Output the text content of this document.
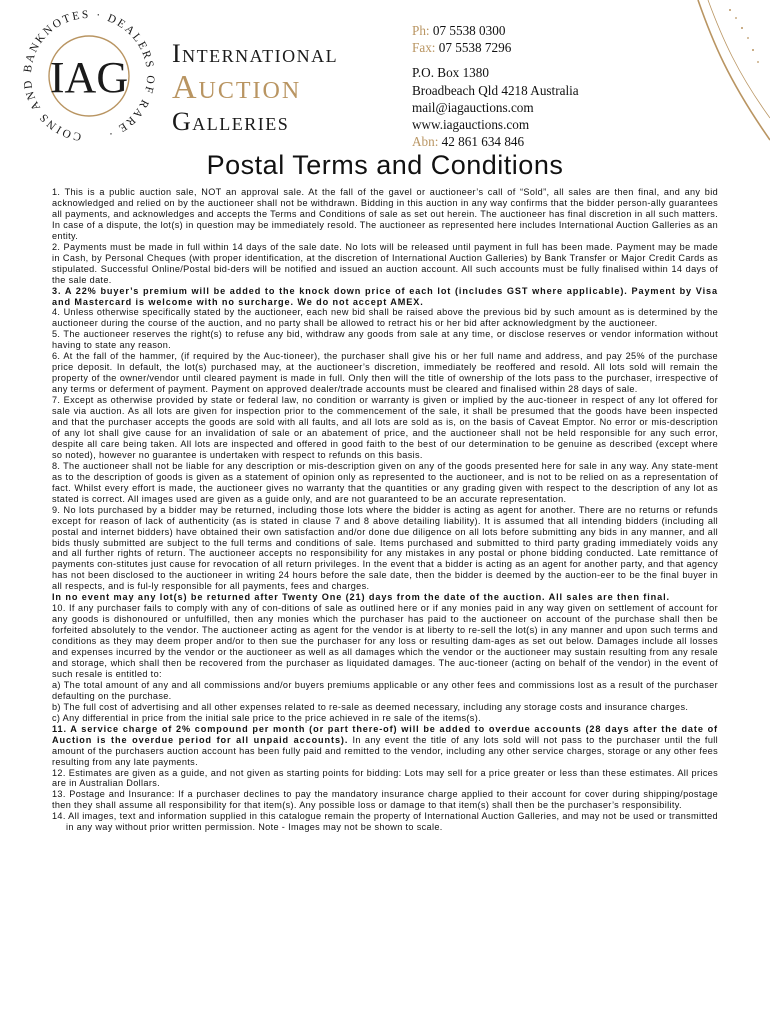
COINS AND BANKNOTES · DEALERS OF RARE ·
IAG International
Auction
Galleries
Ph: 07 5538 0300
Fax: 07 5538 7296
P.O. Box 1380
Broadbeach Qld 4218 Australia
mail@iagauctions.com
www.iagauctions.com
Abn: 42 861 634 846
Postal Terms and Conditions

1. This is a public auction sale, NOT an approval sale. At the fall of the gavel or auctioneer’s call of “Sold”, all sales are then final, and any bid acknowledged and relied on by the auctioneer shall not be withdrawn. Bidding in this auction in any way confirms that the bidder person-ally guarantees all payments, and acknowledges and accepts the Terms and Conditions of sale as set out herein. The auctioneer has final discretion in all such matters. In case of a dispute, the lot(s) in question may be immediately resold. The auctioneer as represented here includes International Auction Galleries as an entity.

2. Payments must be made in full within 14 days of the sale date. No lots will be released until payment in full has been made. Payment may be made in Cash, by Personal Cheques (with proper identification, at the discretion of International Auction Galleries) by Bank Transfer or Major Credit Cards as stipulated. Successful Online/Postal bid-ders will be notified and issued an auction account. All such accounts must be fully finalised within 14 days of the sale date.

3. A 22% buyer’s premium will be added to the knock down price of each lot (includes GST where applicable). Payment by Visa and Mastercard is welcome with no surcharge. We do not accept AMEX.

4. Unless otherwise specifically stated by the auctioneer, each new bid shall be raised above the previous bid by such amount as is determined by the auctioneer during the course of the auction, and no party shall be allowed to retract his or her bid after acknowledgment by the auctioneer.

5. The auctioneer reserves the right(s) to refuse any bid, withdraw any goods from sale at any time, or disclose reserves or vendor information without having to state any reason.

6. At the fall of the hammer, (if required by the Auc-tioneer), the purchaser shall give his or her full name and address, and pay 25% of the purchase price deposit. In default, the lot(s) purchased may, at the auctioneer’s discretion, immediately be reoffered and resold. All lots sold will remain the property of the owner/vendor until cleared payment is made in full. Only then will the title of ownership of the lots pass to the purchaser, irrespective of any terms or deferment of payment. Payment on approved dealer/trade accounts must be cleared and finalised within 28 days of sale.

7. Except as otherwise provided by state or federal law, no condition or warranty is given or implied by the auc-tioneer in respect of any lot offered for sale via auction. As all lots are given for inspection prior to the commencement of the sale, it shall be presumed that the goods have been inspected and that the purchaser accepts the goods are sold with all faults, and all lots are sold as is, on the basis of Caveat Emptor. No error or mis-description of any lot shall give cause for an invalidation of sale or an abatement of price, and the auctioneer shall not be held responsible for any such error, despite all care being taken. All lots are inspected and offered in good faith to the best of our determination to be genuine as described (except where so noted), however no guarantee is undertaken with respect to refunds on this basis.

8. The auctioneer shall not be liable for any description or mis-description given on any of the goods presented here for sale in any way. Any state-ment as to the description of goods is given as a statement of opinion only as represented to the auctioneer, and is not to be relied on as a representation of fact. Whilst every effort is made, the auctioneer gives no warranty that the quantities or any grading given with respect to the description of any lot as stated is correct. All images used are given as a guide only, and are not guaranteed to be an accurate representation.

9. No lots purchased by a bidder may be returned, including those lots where the bidder is acting as agent for another. There are no returns or refunds except for reason of lack of authenticity (as is stated in clause 7 and 8 above detailing liability). It is assumed that all intending bidders (including all postal and internet bidders) have obtained their own satisfaction and/or done due diligence on all lots before submitting any bids in any manner, and all bids thusly submitted are subject to the full terms and conditions of sale. Items purchased and submitted to third party grading immediately voids any and all further rights of return. The auctioneer accepts no responsibility for any mistakes in any postal or phone bidding conducted. Late remittance of payments con-stitutes just cause for revocation of all return privileges. In the event that a bidder is acting as an agent for another party, and that agency has not been disclosed to the auctioneer in writing 24 hours before the sale date, then the bidder is deemed by the auction-eer to be the final buyer in all respects, and is ful-ly responsible for all payments, fees and charges.

In no event may any lot(s) be returned after Twenty One (21) days from the date of the auction. All sales are then final.

10. If any purchaser fails to comply with any of con-ditions of sale as outlined here or if any monies paid in any way given on settlement of account for any goods is dishonoured or unfulfilled, then any monies which the purchaser has paid to the auctioneer on account of the purchase shall then be forfeited absolutely to the vendor. The auctioneer acting as agent for the vendor is at liberty to re-sell the lot(s) in any manner and upon such terms and conditions as they may deem proper and/or to then sue the purchaser for any loss or resulting dam-ages as set out below. Damages include all losses and expenses incurred by the vendor or the auctioneer as well as all damages which the vendor or the auctioneer may sustain resulting from any resale and storage, which shall then be recovered from the purchaser as liquidated damages. The auc-tioneer (acting on behalf of the vendor) in the event of such resale is entitled to:

a) The total amount of any and all commissions and/or buyers premiums applicable or any other fees and commissions lost as a result of the purchaser defaulting on the purchase.

b) The full cost of advertising and all other expenses related to re-sale as deemed necessary, including any storage costs and insurance charges.

c) Any differential in price from the initial sale price to the price achieved in re sale of the items(s).

11. A service charge of 2% compound per month (or part there-of) will be added to overdue accounts (28 days after the date of Auction is the overdue period for all unpaid accounts). In any event the title of any lots sold will not pass to the purchaser until the full amount of the purchasers auction account has been fully paid and remitted to the vendor, including any other service charges, storage or any other fees resulting from any late payments.

12. Estimates are given as a guide, and not given as starting points for bidding: Lots may sell for a price greater or less than these estimates. All prices are in Australian Dollars.

13. Postage and Insurance: If a purchaser declines to pay the mandatory insurance charge applied to their account for cover during shipping/postage then they shall assume all responsibility for that item(s). Any possible loss or damage to that item(s) shall then be the purchaser’s responsibility.

14. All images, text and information supplied in this catalogue remain the property of International Auction Galleries, and may not be used or transmitted in any way without prior written permission. Note - Images may not be shown to scale.
